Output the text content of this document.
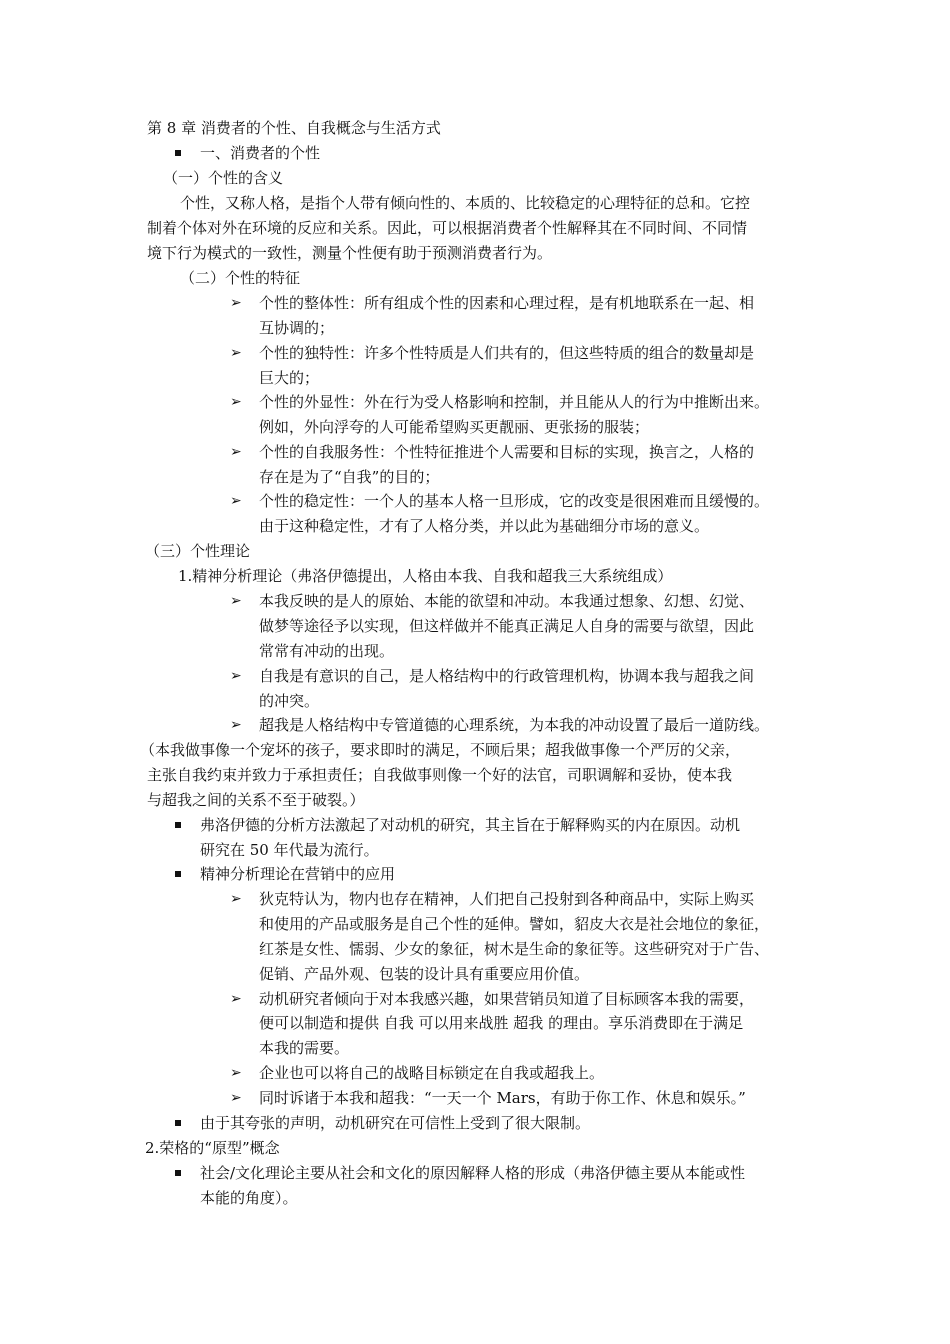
第 8 章 消费者的个性、自我概念与生活方式
一、消费者的个性
（一）个性的含义
个性，又称人格，是指个人带有倾向性的、本质的、比较稳定的心理特征的总和。它控
制着个体对外在环境的反应和关系。因此，可以根据消费者个性解释其在不同时间、不同情
境下行为模式的一致性，测量个性便有助于预测消费者行为。
（二）个性的特征
➢ 个性的整体性：所有组成个性的因素和心理过程，是有机地联系在一起、相
互协调的；
➢ 个性的独特性：许多个性特质是人们共有的，但这些特质的组合的数量却是
巨大的；
➢ 个性的外显性：外在行为受人格影响和控制，并且能从人的行为中推断出来。
例如，外向浮夸的人可能希望购买更靓丽、更张扬的服装；
➢ 个性的自我服务性：个性特征推进个人需要和目标的实现，换言之，人格的
存在是为了“自我”的目的；
➢ 个性的稳定性：一个人的基本人格一旦形成，它的改变是很困难而且缓慢的。
由于这种稳定性，才有了人格分类，并以此为基础细分市场的意义。
（三）个性理论
1.精神分析理论（弗洛伊德提出，人格由本我、自我和超我三大系统组成）
➢ 本我反映的是人的原始、本能的欲望和冲动。本我通过想象、幻想、幻觉、
做梦等途径予以实现，但这样做并不能真正满足人自身的需要与欲望，因此
常常有冲动的出现。
➢ 自我是有意识的自己，是人格结构中的行政管理机构，协调本我与超我之间
的冲突。
➢ 超我是人格结构中专管道德的心理系统，为本我的冲动设置了最后一道防线。
（本我做事像一个宠坏的孩子，要求即时的满足，不顾后果；超我做事像一个严厉的父亲，
主张自我约束并致力于承担责任；自我做事则像一个好的法官，司职调解和妥协，使本我
与超我之间的关系不至于破裂。）
弗洛伊德的分析方法激起了对动机的研究，其主旨在于解释购买的内在原因。动机
研究在 50 年代最为流行。
精神分析理论在营销中的应用
➢ 狄克特认为，物内也存在精神，人们把自己投射到各种商品中，实际上购买
和使用的产品或服务是自己个性的延伸。譬如，貂皮大衣是社会地位的象征，
红茶是女性、懦弱、少女的象征，树木是生命的象征等。这些研究对于广告、
促销、产品外观、包装的设计具有重要应用价值。
➢ 动机研究者倾向于对本我感兴趣，如果营销员知道了目标顾客本我的需要，
便可以制造和提供 自我 可以用来战胜 超我 的理由。享乐消费即在于满足
本我的需要。
➢ 企业也可以将自己的战略目标锁定在自我或超我上。
➢ 同时诉诸于本我和超我：“一天一个 Mars，有助于你工作、休息和娱乐。”
由于其夸张的声明，动机研究在可信性上受到了很大限制。
2.荣格的“原型”概念
社会/文化理论主要从社会和文化的原因解释人格的形成（弗洛伊德主要从本能或性
本能的角度）。
